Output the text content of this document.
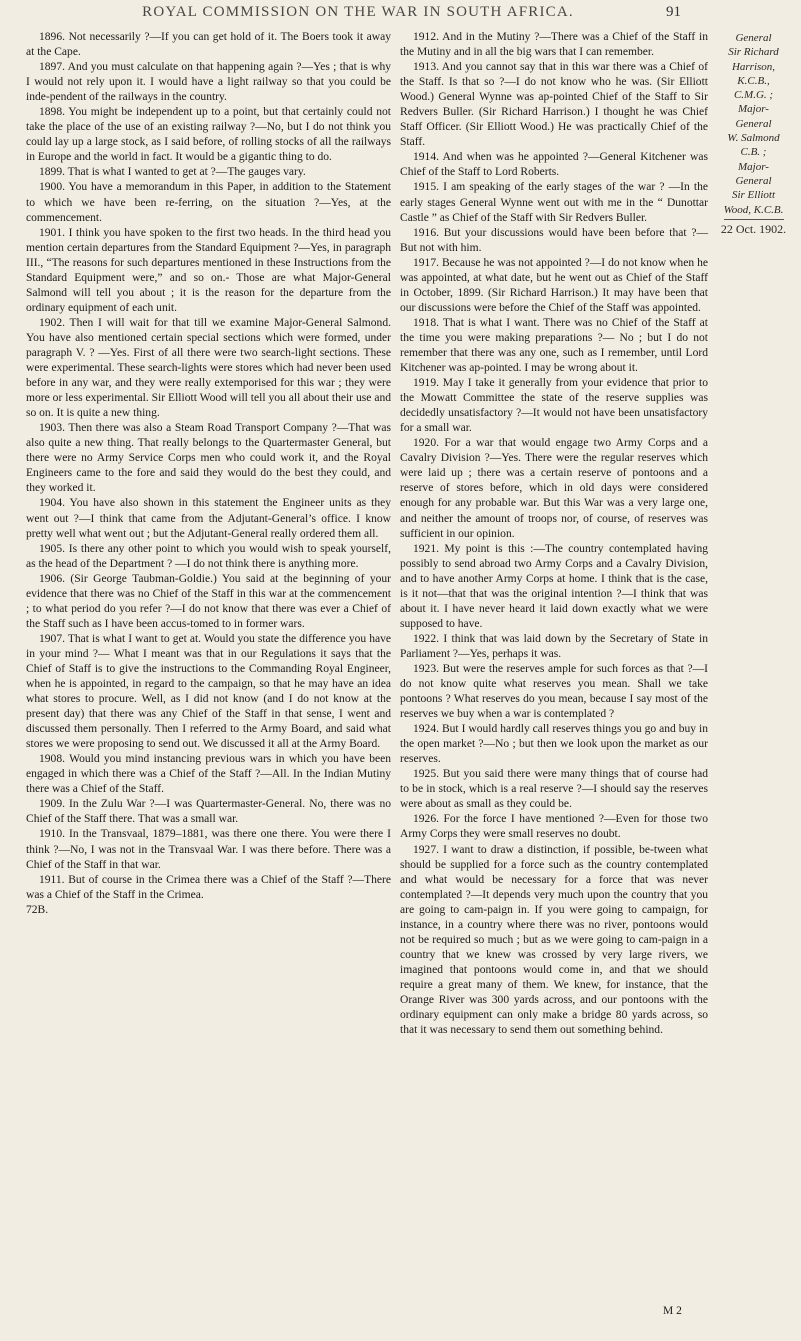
ROYAL COMMISSION ON THE WAR IN SOUTH AFRICA.	91

1896. Not necessarily ?—If you can get hold of it. The Boers took it away at the Cape.

1897. And you must calculate on that happening again ?—Yes ; that is why I would not rely upon it. I would have a light railway so that you could be inde-pendent of the railways in the country.

1898. You might be independent up to a point, but that certainly could not take the place of the use of an existing railway ?—No, but I do not think you could lay up a large stock, as I said before, of rolling stocks of all the railways in Europe and the world in fact. It would be a gigantic thing to do.

1899. That is what I wanted to get at ?—The gauges vary.

1900. You have a memorandum in this Paper, in addition to the Statement to which we have been re-ferring, on the situation ?—Yes, at the commencement.

1901. I think you have spoken to the first two heads. In the third head you mention certain departures from the Standard Equipment ?—Yes, in paragraph III., “The reasons for such departures mentioned in these Instructions from the Standard Equipment were,” and so on.- Those are what Major-General Salmond will tell you about ; it is the reason for the departure from the ordinary equipment of each unit.

1902. Then I will wait for that till we examine Major-General Salmond. You have also mentioned certain special sections which were formed, under paragraph V. ? —Yes. First of all there were two search-light sections. These were experimental. These search-lights were stores which had never been used before in any war, and they were really extemporised for this war ; they were more or less experimental. Sir Elliott Wood will tell you all about their use and so on. It is quite a new thing.

1903. Then there was also a Steam Road Transport Company ?—That was also quite a new thing. That really belongs to the Quartermaster General, but there were no Army Service Corps men who could work it, and the Royal Engineers came to the fore and said they would do the best they could, and they worked it.

1904. You have also shown in this statement the Engineer units as they went out ?—I think that came from the Adjutant-General’s office. I know pretty well what went out ; but the Adjutant-General really ordered them all.

1905. Is there any other point to which you would wish to speak yourself, as the head of the Department ? —I do not think there is anything more.

1906. (Sir George Taubman-Goldie.) You said at the beginning of your evidence that there was no Chief of the Staff in this war at the commencement ; to what period do you refer ?—I do not know that there was ever a Chief of the Staff such as I have been accus-tomed to in former wars.

1907. That is what I want to get at. Would you state the difference you have in your mind ?— What I meant was that in our Regulations it says that the Chief of Staff is to give the instructions to the Commanding Royal Engineer, when he is appointed, in regard to the campaign, so that he may have an idea what stores to procure. Well, as I did not know (and I do not know at the present day) that there was any Chief of the Staff in that sense, I went and discussed them personally. Then I referred to the Army Board, and said what stores we were proposing to send out. We discussed it all at the Army Board.

1908. Would you mind instancing previous wars in which you have been engaged in which there was a Chief of the Staff ?—All. In the Indian Mutiny there was a Chief of the Staff.

1909. In the Zulu War ?—I was Quartermaster-General. No, there was no Chief of the Staff there. That was a small war.

1910. In the Transvaal, 1879–1881, was there one there. You were there I think ?—No, I was not in the Transvaal War. I was there before. There was a Chief of the Staff in that war.

1911. But of course in the Crimea there was a Chief of the Staff ?—There was a Chief of the Staff in the Crimea.

72B.

1912. And in the Mutiny ?—There was a Chief of the Staff in the Mutiny and in all the big wars that I can remember.

1913. And you cannot say that in this war there was a Chief of the Staff. Is that so ?—I do not know who he was. (Sir Elliott Wood.) General Wynne was ap-pointed Chief of the Staff to Sir Redvers Buller. (Sir Richard Harrison.) I thought he was Chief Staff Officer. (Sir Elliott Wood.) He was practically Chief of the Staff.

1914. And when was he appointed ?—General Kitchener was Chief of the Staff to Lord Roberts.

1915. I am speaking of the early stages of the war ? —In the early stages General Wynne went out with me in the “ Dunottar Castle ” as Chief of the Staff with Sir Redvers Buller.

1916. But your discussions would have been before that ?—But not with him.

1917. Because he was not appointed ?—I do not know when he was appointed, at what date, but he went out as Chief of the Staff in October, 1899. (Sir Richard Harrison.) It may have been that our discussions were before the Chief of the Staff was appointed.

1918. That is what I want. There was no Chief of the Staff at the time you were making preparations ?— No ; but I do not remember that there was any one, such as I remember, until Lord Kitchener was ap-pointed. I may be wrong about it.

1919. May I take it generally from your evidence that prior to the Mowatt Committee the state of the reserve supplies was decidedly unsatisfactory ?—It would not have been unsatisfactory for a small war.

1920. For a war that would engage two Army Corps and a Cavalry Division ?—Yes. There were the regular reserves which were laid up ; there was a certain reserve of pontoons and a reserve of stores before, which in old days were considered enough for any probable war. But this War was a very large one, and neither the amount of troops nor, of course, of reserves was sufficient in our opinion.

1921. My point is this :—The country contemplated having possibly to send abroad two Army Corps and a Cavalry Division, and to have another Army Corps at home. I think that is the case, is it not—that that was the original intention ?—I think that was about it. I have never heard it laid down exactly what we were supposed to have.

1922. I think that was laid down by the Secretary of State in Parliament ?—Yes, perhaps it was.

1923. But were the reserves ample for such forces as that ?—I do not know quite what reserves you mean. Shall we take pontoons ? What reserves do you mean, because I say most of the reserves we buy when a war is contemplated ?

1924. But I would hardly call reserves things you go and buy in the open market ?—No ; but then we look upon the market as our reserves.

1925. But you said there were many things that of course had to be in stock, which is a real reserve ?—I should say the reserves were about as small as they could be.

1926. For the force I have mentioned ?—Even for those two Army Corps they were small reserves no doubt.

1927. I want to draw a distinction, if possible, be-tween what should be supplied for a force such as the country contemplated and what would be necessary for a force that was never contemplated ?—It depends very much upon the country that you are going to cam-paign in. If you were going to campaign, for instance, in a country where there was no river, pontoons would not be required so much ; but as we were going to cam-paign in a country that we knew was crossed by very large rivers, we imagined that pontoons would come in, and that we should require a great many of them. We knew, for instance, that the Orange River was 300 yards across, and our pontoons with the ordinary equipment can only make a bridge 80 yards across, so that it was necessary to send them out something behind.

General
Sir Richard
Harrison,
K.C.B.,
C.M.G. ;
Major-
General
W. Salmond
C.B. ;
Major-
General
Sir Elliott
Wood, K.C.B.
22 Oct. 1902.
M 2
